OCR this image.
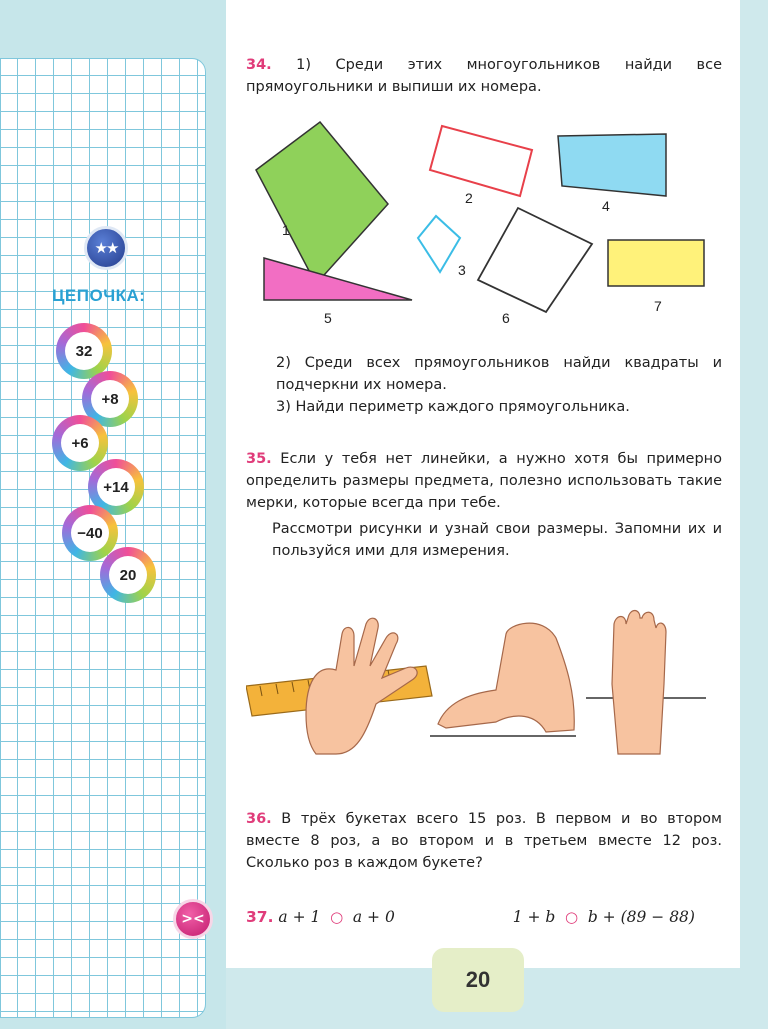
★★
ЦЕПОЧКА:
32
+8
+6
+14
−40
20
><
20

34. 1) Среди этих многоугольников найди все прямоугольники и выпиши их номера.

1
2
3
4
5	6
7

2) Среди всех прямоугольников найди квадраты и подчеркни их номера.

3) Найди периметр каждого прямоугольника.

35. Если у тебя нет линейки, а нужно хотя бы примерно определить размеры предмета, полезно использовать такие мерки, которые всегда при тебе.

Рассмотри рисунки и узнай свои размеры. Запомни их и пользуйся ими для измерения.

36. В трёх букетах всего 15 роз. В первом и во втором вместе 8 роз, а во втором и в третьем вместе 12 роз. Сколько роз в каждом букете?

37. a + 1  ○  a + 0	1 + b  ○  b + (89 − 88)
